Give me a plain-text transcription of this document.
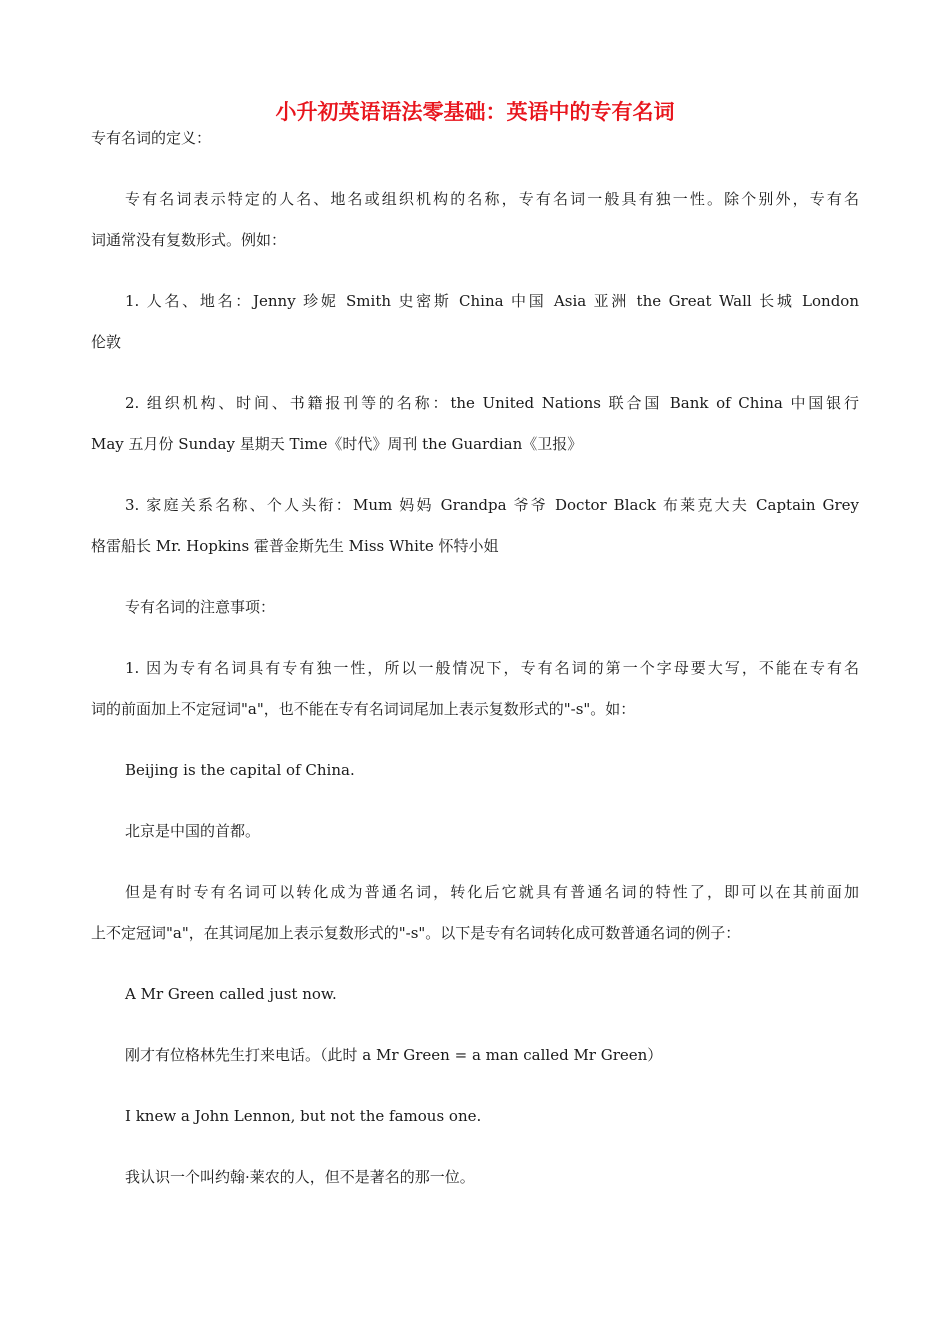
小升初英语语法零基础：英语中的专有名词

专有名词的定义：

专有名词表示特定的人名、地名或组织机构的名称，专有名词一般具有独一性。除个别外，专有名

词通常没有复数形式。例如：

1. 人名、地名：Jenny 珍妮 Smith 史密斯 China 中国 Asia 亚洲 the Great Wall 长城 London

伦敦

2. 组织机构、时间、书籍报刊等的名称：the United Nations 联合国 Bank of China 中国银行

May 五月份 Sunday 星期天 Time《时代》周刊 the Guardian《卫报》

3. 家庭关系名称、个人头衔：Mum 妈妈 Grandpa 爷爷 Doctor Black 布莱克大夫 Captain Grey

格雷船长 Mr. Hopkins 霍普金斯先生 Miss White 怀特小姐

专有名词的注意事项：

1. 因为专有名词具有专有独一性，所以一般情况下，专有名词的第一个字母要大写，不能在专有名

词的前面加上不定冠词"a"，也不能在专有名词词尾加上表示复数形式的"-s"。如：

Beijing is the capital of China.

北京是中国的首都。

但是有时专有名词可以转化成为普通名词，转化后它就具有普通名词的特性了，即可以在其前面加

上不定冠词"a"，在其词尾加上表示复数形式的"-s"。以下是专有名词转化成可数普通名词的例子：

A Mr Green called just now.

刚才有位格林先生打来电话。（此时 a Mr Green = a man called Mr Green）

I knew a John Lennon, but not the famous one.

我认识一个叫约翰·莱农的人，但不是著名的那一位。
